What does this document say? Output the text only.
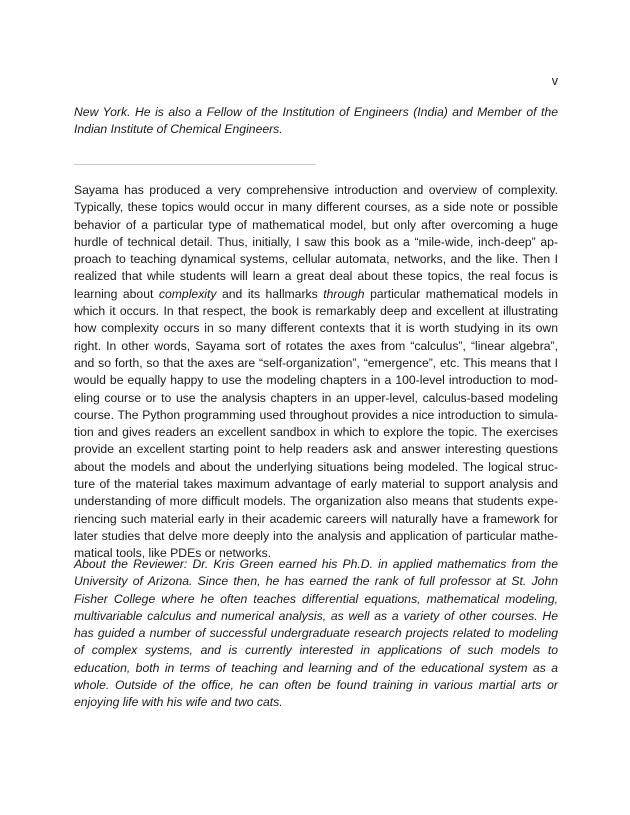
v
New York. He is also a Fellow of the Institution of Engineers (India) and Member of the Indian Institute of Chemical Engineers.

Sayama has produced a very comprehensive introduction and overview of complexity. Typically, these topics would occur in many different courses, as a side note or possible behavior of a particular type of mathematical model, but only after overcoming a huge hurdle of technical detail. Thus, initially, I saw this book as a “mile-wide, inch-deep” approach to teaching dynamical systems, cellular automata, networks, and the like. Then I realized that while students will learn a great deal about these topics, the real focus is learning about complexity and its hallmarks through particular mathematical models in which it occurs. In that respect, the book is remarkably deep and excellent at illustrating how complexity occurs in so many different contexts that it is worth studying in its own right. In other words, Sayama sort of rotates the axes from “calculus”, “linear algebra”, and so forth, so that the axes are “self-organization”, “emergence”, etc. This means that I would be equally happy to use the modeling chapters in a 100-level introduction to modeling course or to use the analysis chapters in an upper-level, calculus-based modeling course. The Python programming used throughout provides a nice introduction to simulation and gives readers an excellent sandbox in which to explore the topic. The exercises provide an excellent starting point to help readers ask and answer interesting questions about the models and about the underlying situations being modeled. The logical structure of the material takes maximum advantage of early material to support analysis and understanding of more difficult models. The organization also means that students experiencing such material early in their academic careers will naturally have a framework for later studies that delve more deeply into the analysis and application of particular mathematical tools, like PDEs or networks.

About the Reviewer: Dr. Kris Green earned his Ph.D. in applied mathematics from the University of Arizona. Since then, he has earned the rank of full professor at St. John Fisher College where he often teaches differential equations, mathematical modeling, multivariable calculus and numerical analysis, as well as a variety of other courses. He has guided a number of successful undergraduate research projects related to modeling of complex systems, and is currently interested in applications of such models to education, both in terms of teaching and learning and of the educational system as a whole. Outside of the office, he can often be found training in various martial arts or enjoying life with his wife and two cats.
